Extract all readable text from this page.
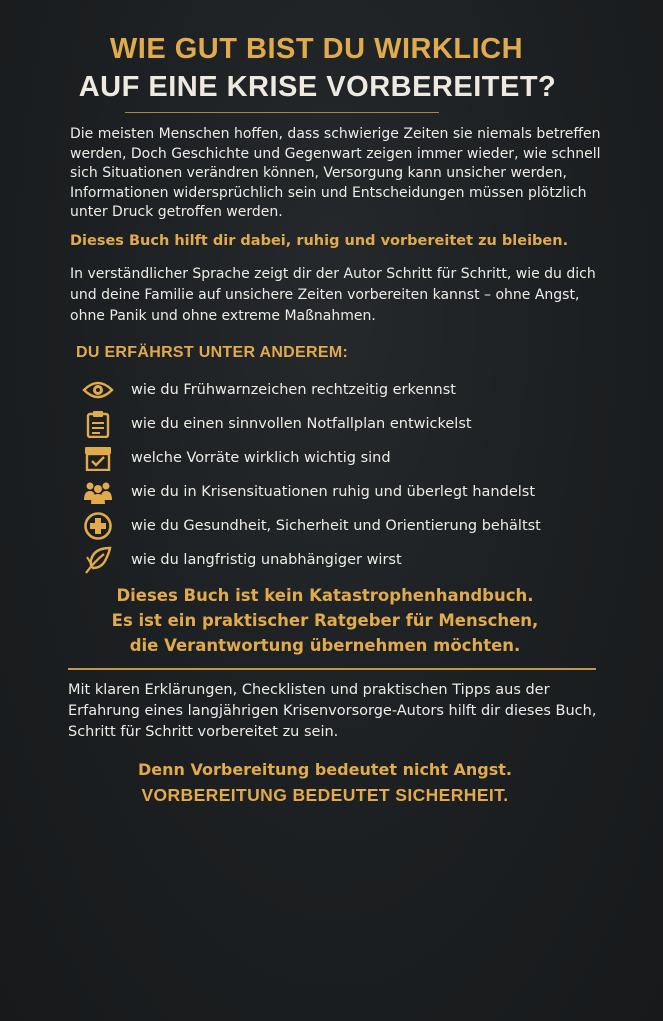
WIE GUT BIST DU WIRKLICH
AUF EINE KRISE VORBEREITET?
Die meisten Menschen hoffen, dass schwierige Zeiten sie niemals betreffen werden, Doch Geschichte und Gegenwart zeigen immer wieder, wie schnell sich Situationen verändren können, Versorgung kann unsicher werden, Informationen widersprüchlich sein und Entscheidungen müssen plötzlich unter Druck getroffen werden.
Dieses Buch hilft dir dabei, ruhig und vorbereitet zu bleiben.
In verständlicher Sprache zeigt dir der Autor Schritt für Schritt, wie du dich und deine Familie auf unsichere Zeiten vorbereiten kannst – ohne Angst, ohne Panik und ohne extreme Maßnahmen.
DU ERFÄHRST UNTER ANDEREM:
wie du Frühwarnzeichen rechtzeitig erkennst
wie du einen sinnvollen Notfallplan entwickelst
welche Vorräte wirklich wichtig sind
wie du in Krisensituationen ruhig und überlegt handelst
wie du Gesundheit, Sicherheit und Orientierung behältst
wie du langfristig unabhängiger wirst
Dieses Buch ist kein Katastrophenhandbuch.
Es ist ein praktischer Ratgeber für Menschen,
die Verantwortung übernehmen möchten.
Mit klaren Erklärungen, Checklisten und praktischen Tipps aus der Erfahrung eines langjährigen Krisenvorsorge-Autors hilft dir dieses Buch, Schritt für Schritt vorbereitet zu sein.
Denn Vorbereitung bedeutet nicht Angst.
VORBEREITUNG BEDEUTET SICHERHEIT.
